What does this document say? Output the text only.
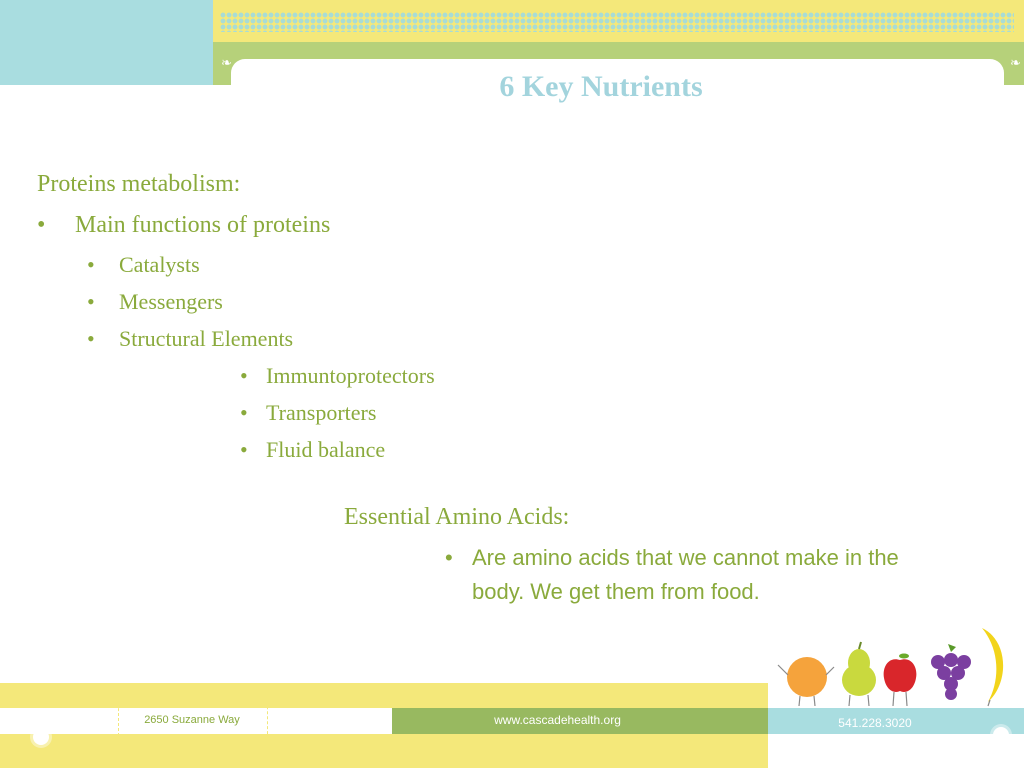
❧	❧
6 Key Nutrients
Proteins metabolism:
• Main functions of proteins
• Catalysts
• Messengers
• Structural Elements
• Immuntoprotectors
• Transporters
• Fluid balance
Essential Amino Acids:
• Are amino acids that we cannot make in the
body. We get them from food.
2650 Suzanne Way	www.cascadehealth.org	541.228.3020
